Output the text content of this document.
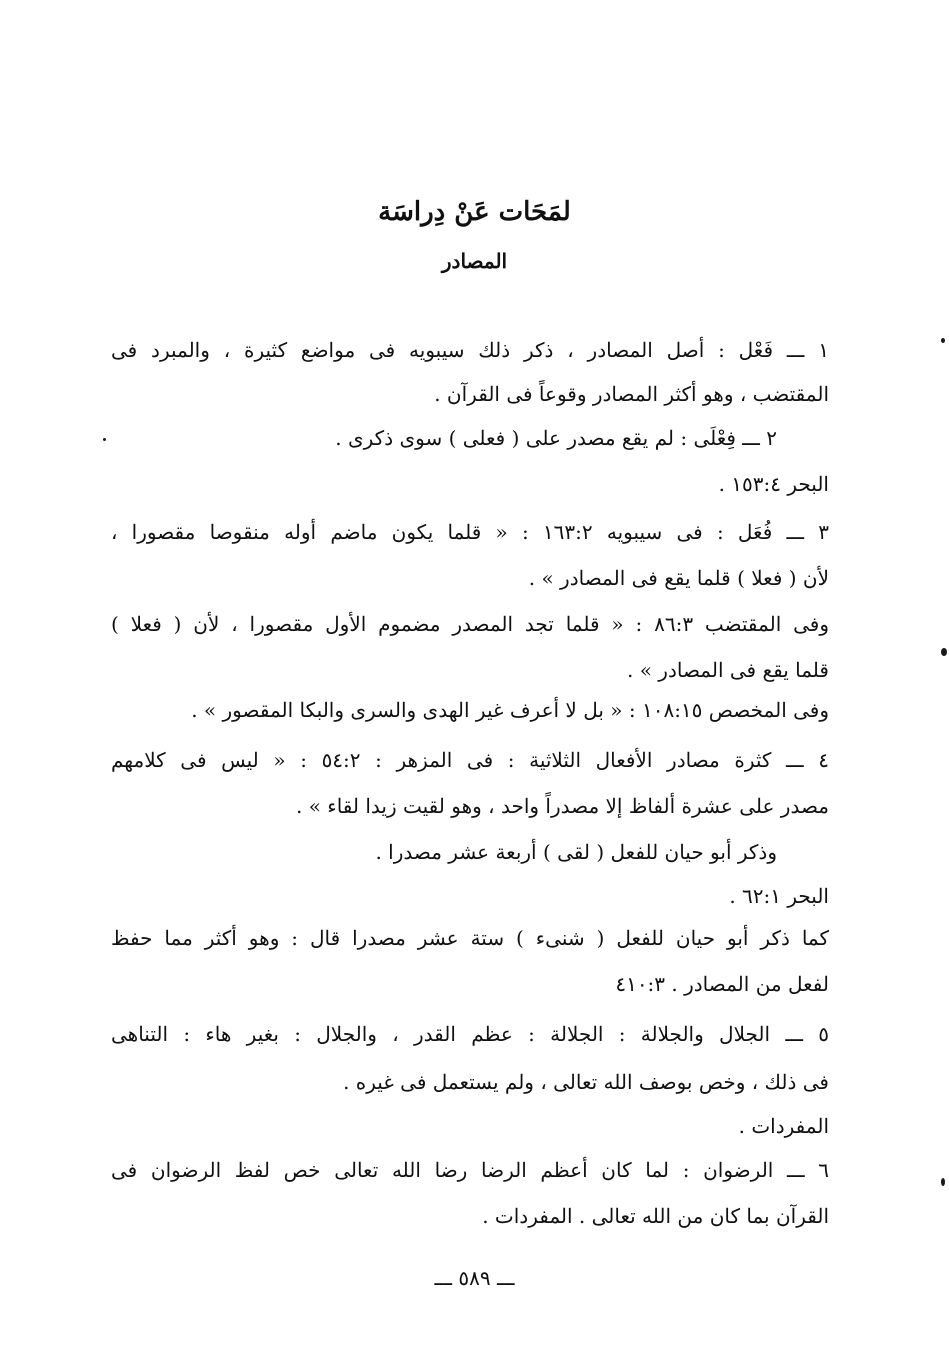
لمَحَات عَنْ دِراسَة
المصادر
١ ـــ فَعْل : أصل المصادر ، ذكر ذلك سيبويه فى مواضع كثيرة ، والمبرد فى
المقتضب ، وهو أكثر المصادر وقوعاً فى القرآن .
٢ ـــ فِعْلَى : لم يقع مصدر على ( فعلى ) سوى ذكرى .
البحر ١٥٣:٤ .
٣ ـــ فُعَل : فى سيبويه ١٦٣:٢ : « قلما يكون ماضم أوله منقوصا مقصورا ،
لأن ( فعلا ) قلما يقع فى المصادر » .
وفى المقتضب ٨٦:٣ : « قلما تجد المصدر مضموم الأول مقصورا ، لأن ( فعلا )
قلما يقع فى المصادر » .
وفى المخصص ١٠٨:١٥ : « بل لا أعرف غير الهدى والسرى والبكا المقصور » .
٤ ـــ كثرة مصادر الأفعال الثلاثية : فى المزهر : ٥٤:٢ : « ليس فى كلامهم
مصدر على عشرة ألفاظ إلا مصدراً واحد ، وهو لقيت زيدا لقاء » .
وذكر أبو حيان للفعل ( لقى ) أربعة عشر مصدرا .
البحر ٦٢:١ .
كما ذكر أبو حيان للفعل ( شنىء ) ستة عشر مصدرا قال : وهو أكثر مما حفظ
لفعل من المصادر . ٤١٠:٣
٥ ـــ الجلال والجلالة : الجلالة : عظم القدر ، والجلال : بغير هاء : التناهى
فى ذلك ، وخص بوصف الله تعالى ، ولم يستعمل فى غيره .
المفردات .
٦ ـــ الرضوان : لما كان أعظم الرضا رضا الله تعالى خص لفظ الرضوان فى
القرآن بما كان من الله تعالى . المفردات .
ـــ ٥٨٩ ـــ
